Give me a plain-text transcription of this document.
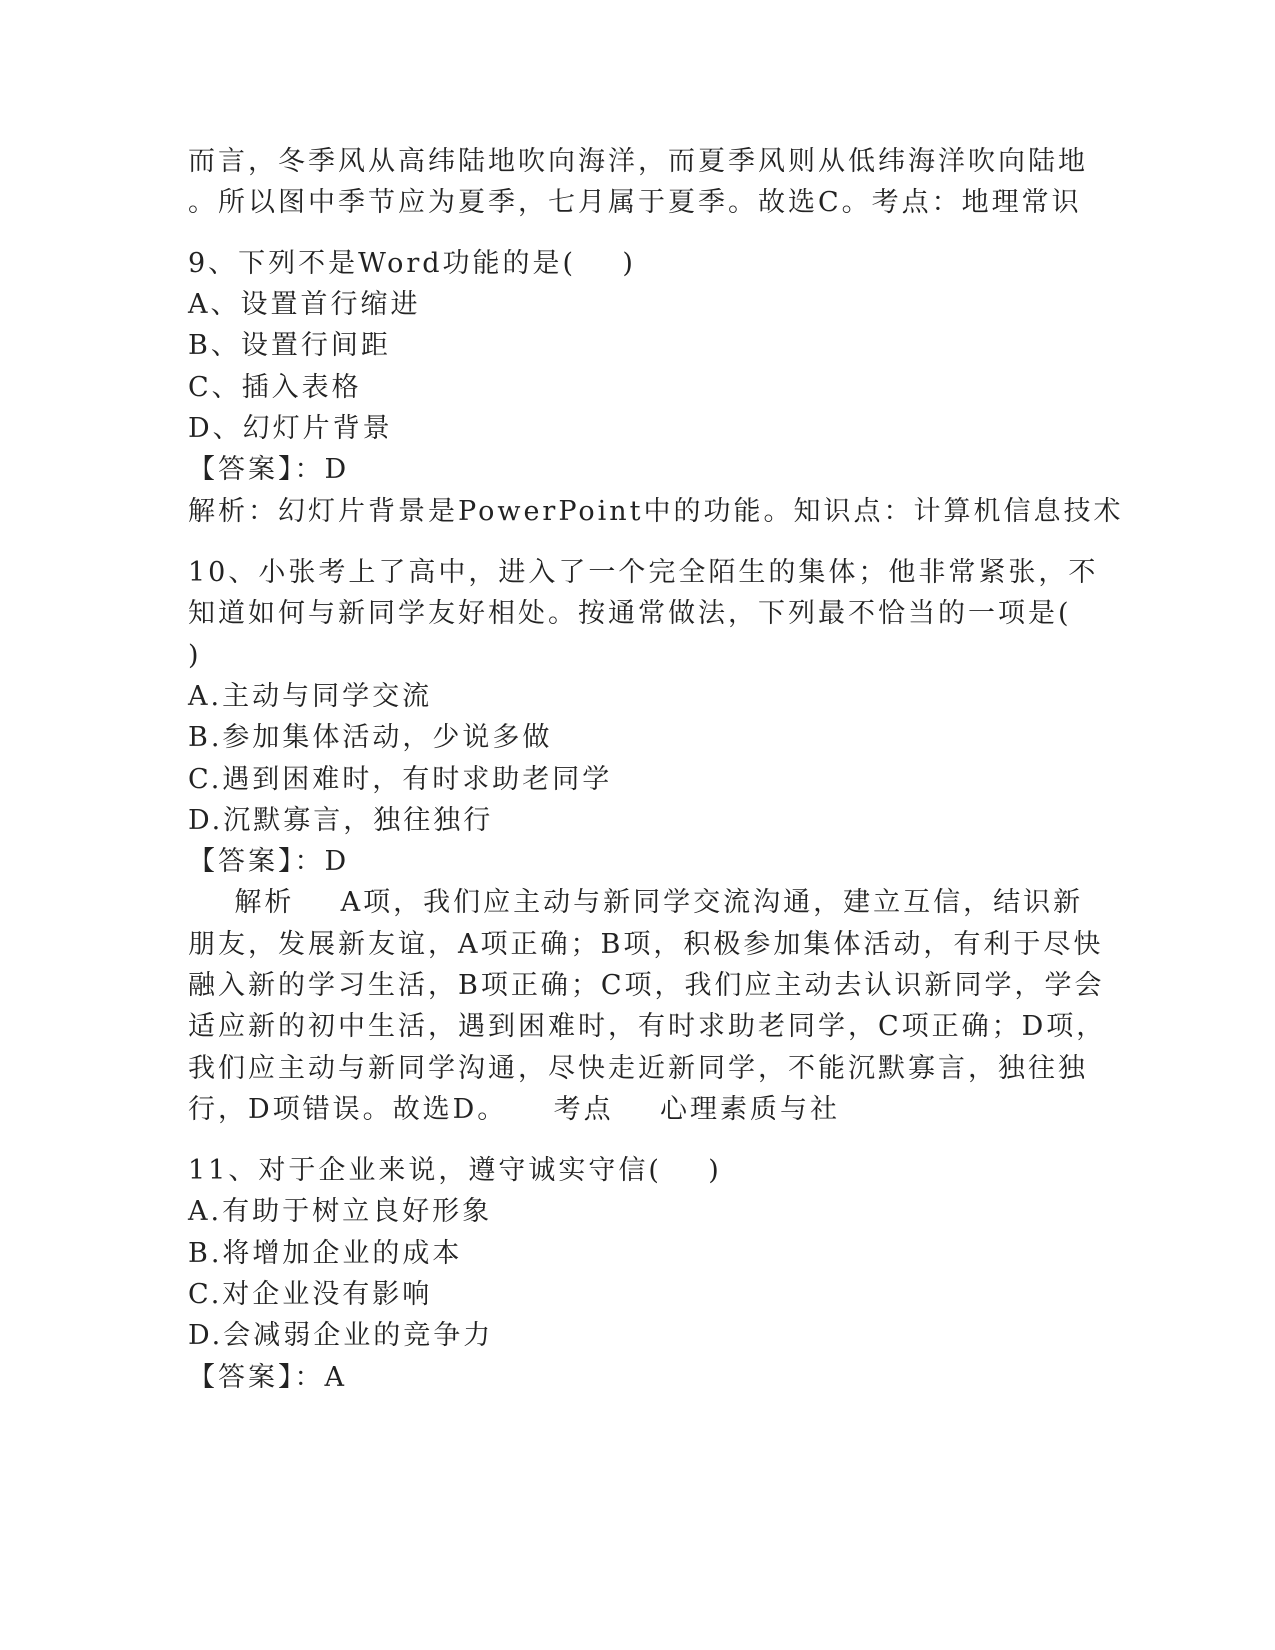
而言，冬季风从高纬陆地吹向海洋，而夏季风则从低纬海洋吹向陆地
。所以图中季节应为夏季，七月属于夏季。故选C。考点：地理常识
9、下列不是Word功能的是(    )
A、设置首行缩进
B、设置行间距
C、插入表格
D、幻灯片背景
【答案】：D
解析：幻灯片背景是PowerPoint中的功能。知识点：计算机信息技术
10、小张考上了高中，进入了一个完全陌生的集体；他非常紧张，不
知道如何与新同学友好相处。按通常做法，下列最不恰当的一项是(
)
A.主动与同学交流
B.参加集体活动，少说多做
C.遇到困难时，有时求助老同学
D.沉默寡言，独往独行
【答案】：D
解析    A项，我们应主动与新同学交流沟通，建立互信，结识新
朋友，发展新友谊，A项正确；B项，积极参加集体活动，有利于尽快
融入新的学习生活，B项正确；C项，我们应主动去认识新同学，学会
适应新的初中生活，遇到困难时，有时求助老同学，C项正确；D项，
我们应主动与新同学沟通，尽快走近新同学，不能沉默寡言，独往独
行，D项错误。故选D。    考点    心理素质与社
11、对于企业来说，遵守诚实守信(    )
A.有助于树立良好形象
B.将增加企业的成本
C.对企业没有影响
D.会减弱企业的竞争力
【答案】：A
